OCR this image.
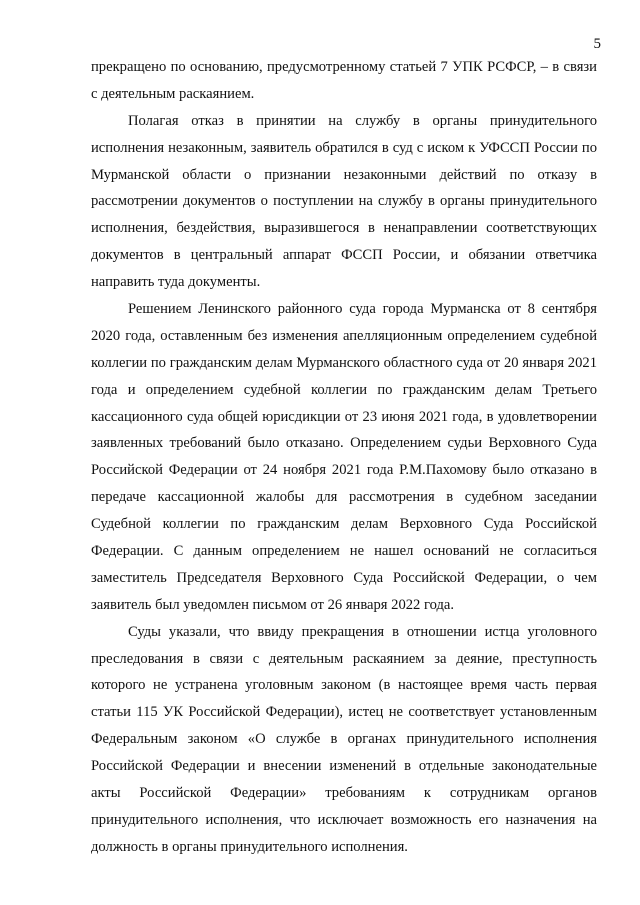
5
прекращено по основанию, предусмотренному статьей 7 УПК РСФСР, – в связи
с деятельным раскаянием.
Полагая отказ в принятии на службу в органы принудительного
исполнения незаконным, заявитель обратился в суд с иском к УФССП России по
Мурманской области о признании незаконными действий по отказу в
рассмотрении документов о поступлении на службу в органы принудительного
исполнения, бездействия, выразившегося в ненаправлении соответствующих
документов в центральный аппарат ФССП России, и обязании ответчика
направить туда документы.
Решением Ленинского районного суда города Мурманска от 8 сентября
2020 года, оставленным без изменения апелляционным определением судебной
коллегии по гражданским делам Мурманского областного суда от 20 января 2021
года и определением судебной коллегии по гражданским делам Третьего
кассационного суда общей юрисдикции от 23 июня 2021 года, в удовлетворении
заявленных требований было отказано. Определением судьи Верховного Суда
Российской Федерации от 24 ноября 2021 года Р.М.Пахомову было отказано в
передаче кассационной жалобы для рассмотрения в судебном заседании
Судебной коллегии по гражданским делам Верховного Суда Российской
Федерации. С данным определением не нашел оснований не согласиться
заместитель Председателя Верховного Суда Российской Федерации, о чем
заявитель был уведомлен письмом от 26 января 2022 года.
Суды указали, что ввиду прекращения в отношении истца уголовного
преследования в связи с деятельным раскаянием за деяние, преступность
которого не устранена уголовным законом (в настоящее время часть первая
статьи 115 УК Российской Федерации), истец не соответствует установленным
Федеральным законом «О службе в органах принудительного исполнения
Российской Федерации и внесении изменений в отдельные законодательные
акты Российской Федерации» требованиям к сотрудникам органов
принудительного исполнения, что исключает возможность его назначения на
должность в органы принудительного исполнения.
